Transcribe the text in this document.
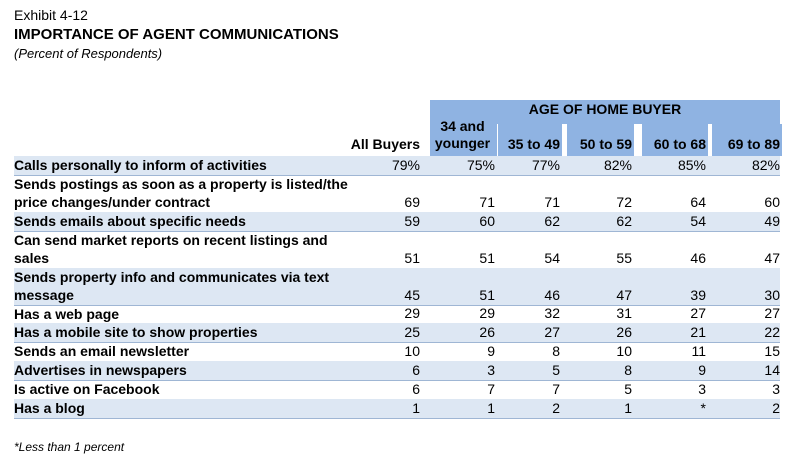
Exhibit 4-12
IMPORTANCE OF AGENT COMMUNICATIONS
(Percent of Respondents)
AGE OF HOME BUYER
All Buyers
34 and younger	35 to 49	50 to 59	60 to 68	69 to 89
Calls personally to inform of activities	79%	75%	77%	82%	85%	82%
Sends postings as soon as a property is listed/the price changes/under contract	69	71	71	72	64	60
Sends emails about specific needs	59	60	62	62	54	49
Can send market reports on recent listings and sales	51	51	54	55	46	47
Sends property info and communicates via text message	45	51	46	47	39	30
Has a web page	29	29	32	31	27	27
Has a mobile site to show properties	25	26	27	26	21	22
Sends an email newsletter	10	9	8	10	11	15
Advertises in newspapers	6	3	5	8	9	14
Is active on Facebook	6	7	7	5	3	3
Has a blog	1	1	2	1	*	2
*Less than 1 percent
